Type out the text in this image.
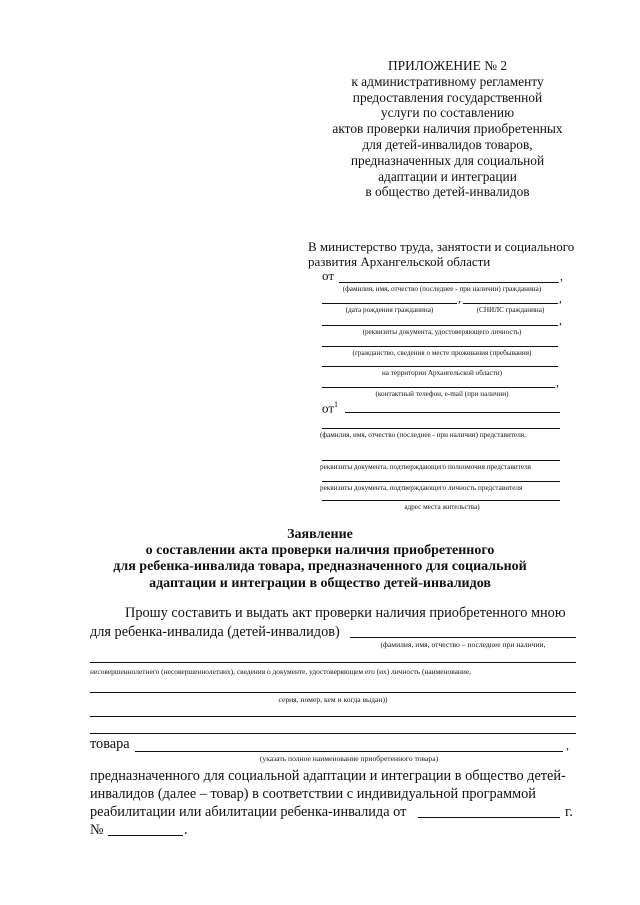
ПРИЛОЖЕНИЕ № 2
к административному регламенту
предоставления государственной
услуги по составлению
актов проверки наличия приобретенных
для детей-инвалидов товаров,
предназначенных для социальной
адаптации и интеграции
в общество детей-инвалидов
В министерство труда, занятости и социального
развития Архангельской области
от	,
(фамилия, имя, отчество (последнее - при наличии) гражданина)
,	,
(дата рождения гражданина)	(СНИЛС гражданина)
,
(реквизиты документа, удостоверяющего личность)
(гражданство, сведения о месте проживания (пребывания)
на территории Архангельской области)
,
(контактный телефон, e-mail (при наличии)
$от^1$
(фамилия, имя, отчество (последнее - при наличии) представителя,
реквизиты документа, подтверждающего полномочия представителя
реквизиты документа, подтверждающего личность представителя
адрес места жительства)
Заявление
о составлении акта проверки наличия приобретенного
для ребенка-инвалида товара, предназначенного для социальной
адаптации и интеграции в общество детей-инвалидов
Прошу составить и выдать акт проверки наличия приобретенного мною
для ребенка-инвалида (детей-инвалидов)
(фамилия, имя, отчество – последнее при наличии,
несовершеннолетнего (несовершеннолетних), сведения о документе, удостоверяющем его (их) личность (наименование,
серия, номер, кем и когда выдан))
товара	,
(указать полное наименование приобретенного товара)
предназначенного для социальной адаптации и интеграции в общество детей-
инвалидов (далее – товар) в соответствии с индивидуальной программой
реабилитации или абилитации ребенка-инвалида от	г.
№	.
